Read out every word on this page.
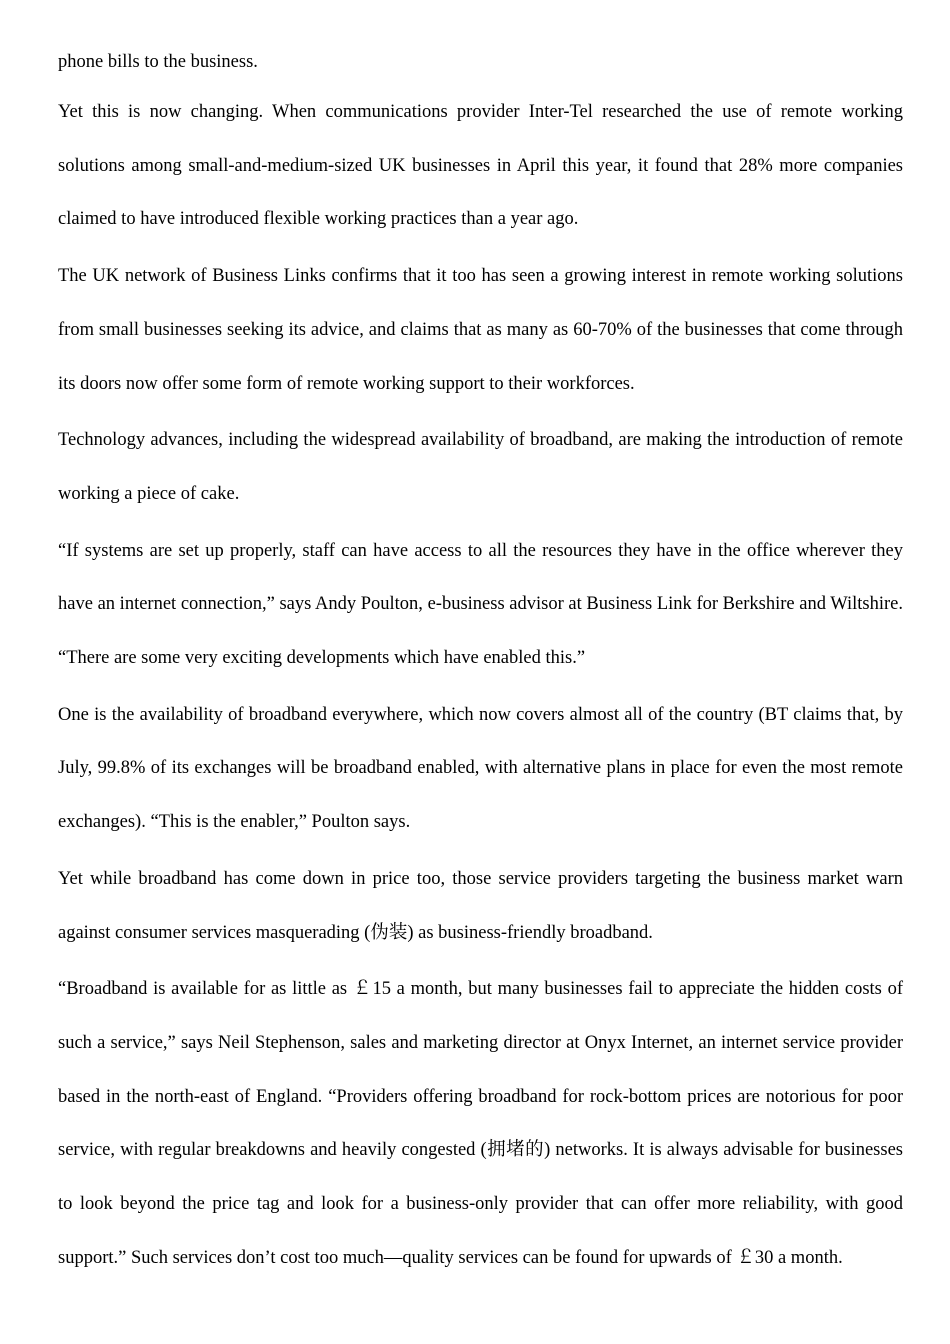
phone bills to the business.

Yet this is now changing. When communications provider Inter-Tel researched the use of remote working solutions among small-and-medium-sized UK businesses in April this year, it found that 28% more companies claimed to have introduced flexible working practices than a year ago.

The UK network of Business Links confirms that it too has seen a growing interest in remote working solutions from small businesses seeking its advice, and claims that as many as 60-70% of the businesses that come through its doors now offer some form of remote working support to their workforces.

Technology advances, including the widespread availability of broadband, are making the introduction of remote working a piece of cake.

“If systems are set up properly, staff can have access to all the resources they have in the office wherever they have an internet connection,” says Andy Poulton, e-business advisor at Business Link for Berkshire and Wiltshire. “There are some very exciting developments which have enabled this.”

One is the availability of broadband everywhere, which now covers almost all of the country (BT claims that, by July, 99.8% of its exchanges will be broadband enabled, with alternative plans in place for even the most remote exchanges). “This is the enabler,” Poulton says.

Yet while broadband has come down in price too, those service providers targeting the business market warn against consumer services masquerading (伪装) as business-friendly broadband.

“Broadband is available for as little as ￡15 a month, but many businesses fail to appreciate the hidden costs of such a service,” says Neil Stephenson, sales and marketing director at Onyx Internet, an internet service provider based in the north-east of England. “Providers offering broadband for rock-bottom prices are notorious for poor service, with regular breakdowns and heavily congested (拥堵的) networks. It is always advisable for businesses to look beyond the price tag and look for a business-only provider that can offer more reliability, with good support.” Such services don’t cost too much—quality services can be found for upwards of ￡30 a month.
